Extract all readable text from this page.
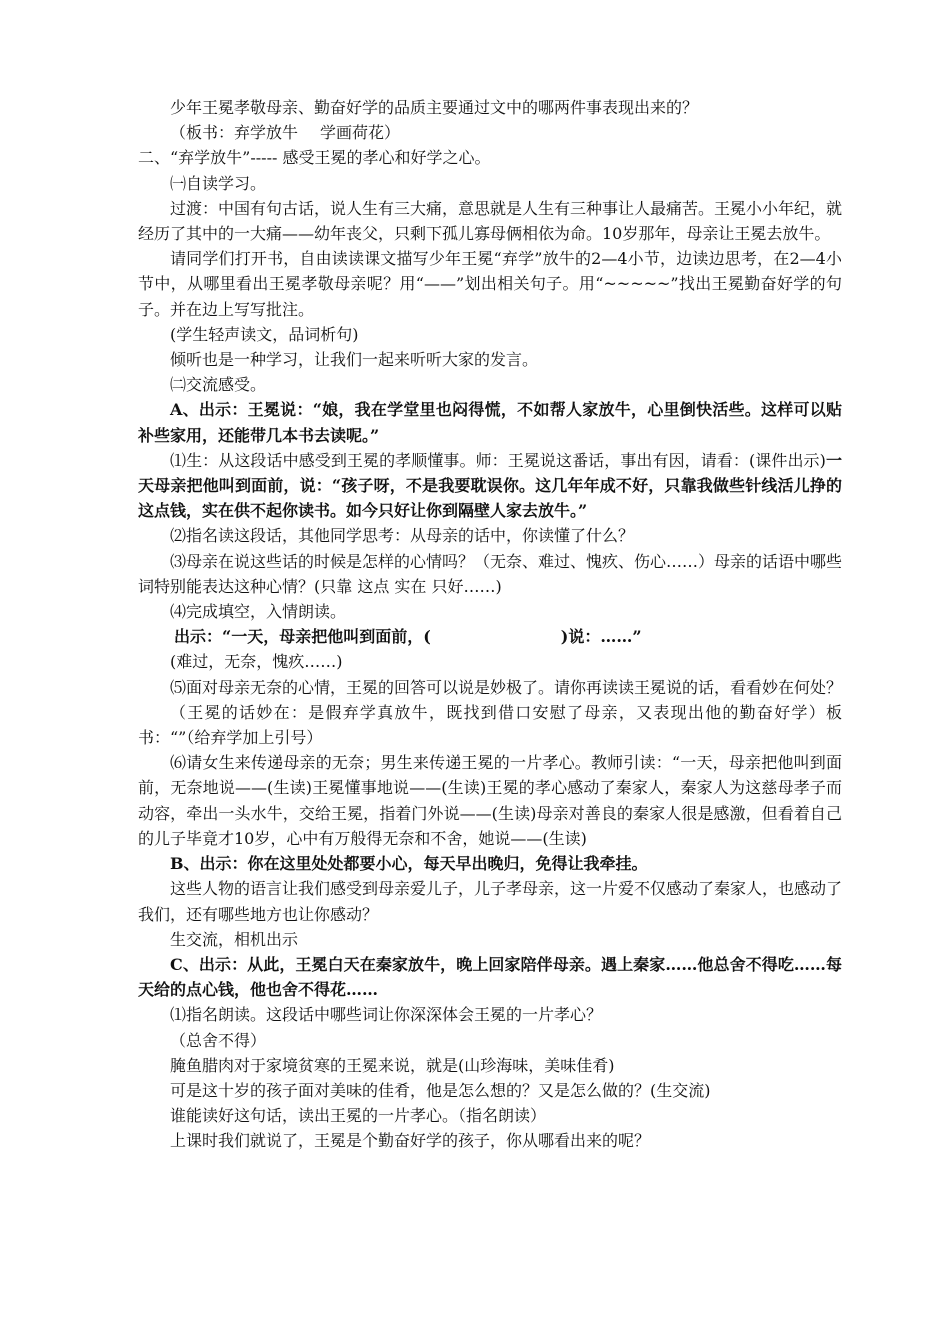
少年王冕孝敬母亲、勤奋好学的品质主要通过文中的哪两件事表现出来的？

（板书：弃学放牛 学画荷花）

二、“弃学放牛”----- 感受王冕的孝心和好学之心。

㈠自读学习。

过渡：中国有句古话，说人生有三大痛，意思就是人生有三种事让人最痛苦。王冕小小年纪，就经历了其中的一大痛——幼年丧父，只剩下孤儿寡母俩相依为命。10岁那年，母亲让王冕去放牛。

请同学们打开书，自由读读课文描写少年王冕“弃学”放牛的2—4小节，边读边思考，在2—4小节中，从哪里看出王冕孝敬母亲呢？用“——”划出相关句子。用“~~~~~”找出王冕勤奋好学的句子。并在边上写写批注。

(学生轻声读文，品词析句)

倾听也是一种学习，让我们一起来听听大家的发言。

㈡交流感受。

A、出示：王冕说：“娘，我在学堂里也闷得慌，不如帮人家放牛，心里倒快活些。这样可以贴补些家用，还能带几本书去读呢。”

⑴生：从这段话中感受到王冕的孝顺懂事。师：王冕说这番话，事出有因，请看：(课件出示)一天母亲把他叫到面前，说：“孩子呀，不是我要耽误你。这几年年成不好，只靠我做些针线活儿挣的这点钱，实在供不起你读书。如今只好让你到隔壁人家去放牛。”

⑵指名读这段话，其他同学思考：从母亲的话中，你读懂了什么？

⑶母亲在说这些话的时候是怎样的心情吗？（无奈、难过、愧疚、伤心……）母亲的话语中哪些词特别能表达这种心情？(只靠 这点 实在 只好……)

⑷完成填空，入情朗读。

出示：“一天，母亲把他叫到面前，(	)说：……”

(难过，无奈，愧疚……)

⑸面对母亲无奈的心情，王冕的回答可以说是妙极了。请你再读读王冕说的话，看看妙在何处？

（王冕的话妙在：是假弃学真放牛，既找到借口安慰了母亲，又表现出他的勤奋好学）板书：“”（给弃学加上引号）

⑹请女生来传递母亲的无奈；男生来传递王冕的一片孝心。教师引读：“一天，母亲把他叫到面前，无奈地说——(生读)王冕懂事地说——(生读)王冕的孝心感动了秦家人，秦家人为这慈母孝子而动容，牵出一头水牛，交给王冕，指着门外说——(生读)母亲对善良的秦家人很是感激，但看着自己的儿子毕竟才10岁，心中有万般得无奈和不舍，她说——(生读)

B、出示：你在这里处处都要小心，每天早出晚归，免得让我牵挂。

这些人物的语言让我们感受到母亲爱儿子，儿子孝母亲，这一片爱不仅感动了秦家人，也感动了我们，还有哪些地方也让你感动？

生交流，相机出示

C、出示：从此，王冕白天在秦家放牛，晚上回家陪伴母亲。遇上秦家……他总舍不得吃……每天给的点心钱，他也舍不得花……

⑴指名朗读。这段话中哪些词让你深深体会王冕的一片孝心？

（总舍不得）

腌鱼腊肉对于家境贫寒的王冕来说，就是(山珍海味，美味佳肴)

可是这十岁的孩子面对美味的佳肴，他是怎么想的？又是怎么做的？(生交流)

谁能读好这句话，读出王冕的一片孝心。（指名朗读）

上课时我们就说了，王冕是个勤奋好学的孩子，你从哪看出来的呢？
